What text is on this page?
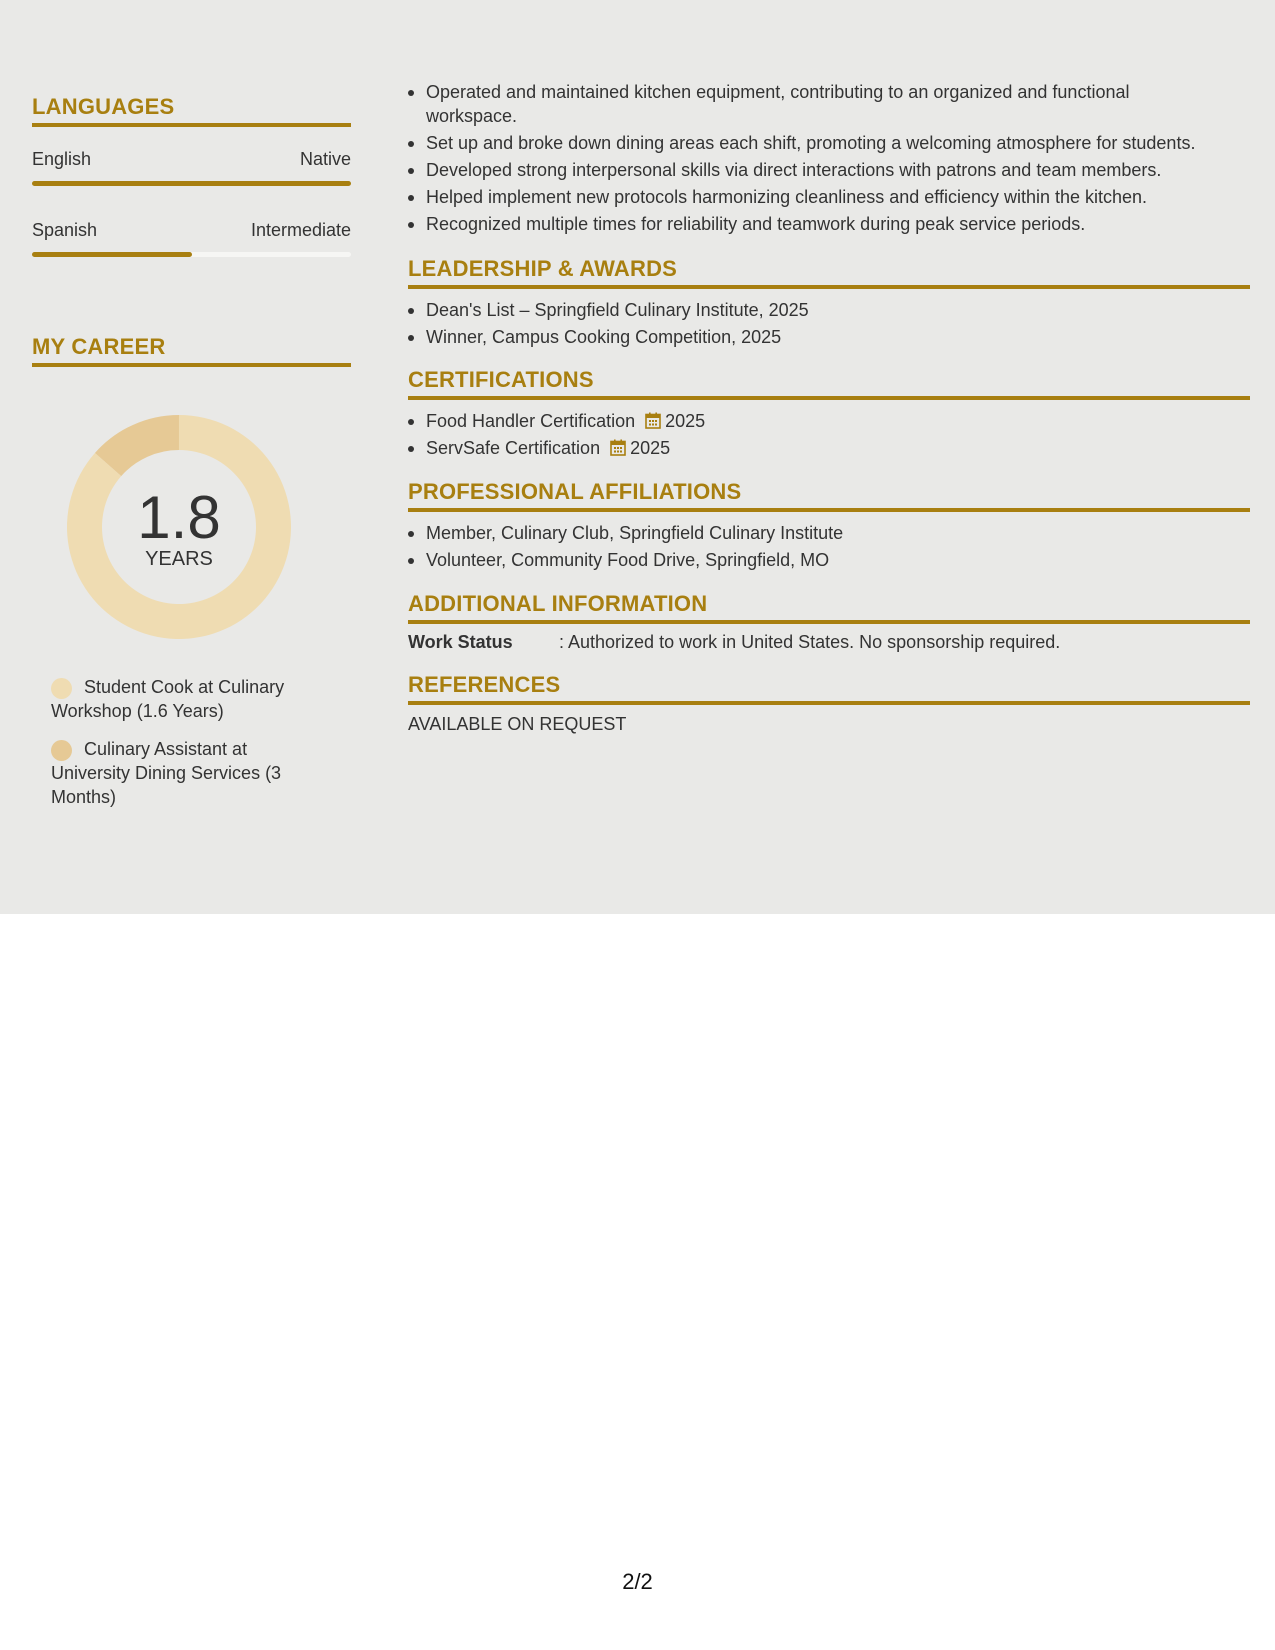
LANGUAGES
English	Native
Spanish	Intermediate
MY CAREER
1.8
YEARS
Student Cook at Culinary Workshop (1.6 Years)
Culinary Assistant at University Dining Services (3 Months)
Operated and maintained kitchen equipment, contributing to an organized and functional workspace.
Set up and broke down dining areas each shift, promoting a welcoming atmosphere for students.
Developed strong interpersonal skills via direct interactions with patrons and team members.
Helped implement new protocols harmonizing cleanliness and efficiency within the kitchen.
Recognized multiple times for reliability and teamwork during peak service periods.
LEADERSHIP & AWARDS
Dean's List – Springfield Culinary Institute, 2025
Winner, Campus Cooking Competition, 2025
CERTIFICATIONS
Food Handler Certification 2025
ServSafe Certification 2025
PROFESSIONAL AFFILIATIONS
Member, Culinary Club, Springfield Culinary Institute
Volunteer, Community Food Drive, Springfield, MO
ADDITIONAL INFORMATION
Work Status	: Authorized to work in United States. No sponsorship required.
REFERENCES
AVAILABLE ON REQUEST
2/2
